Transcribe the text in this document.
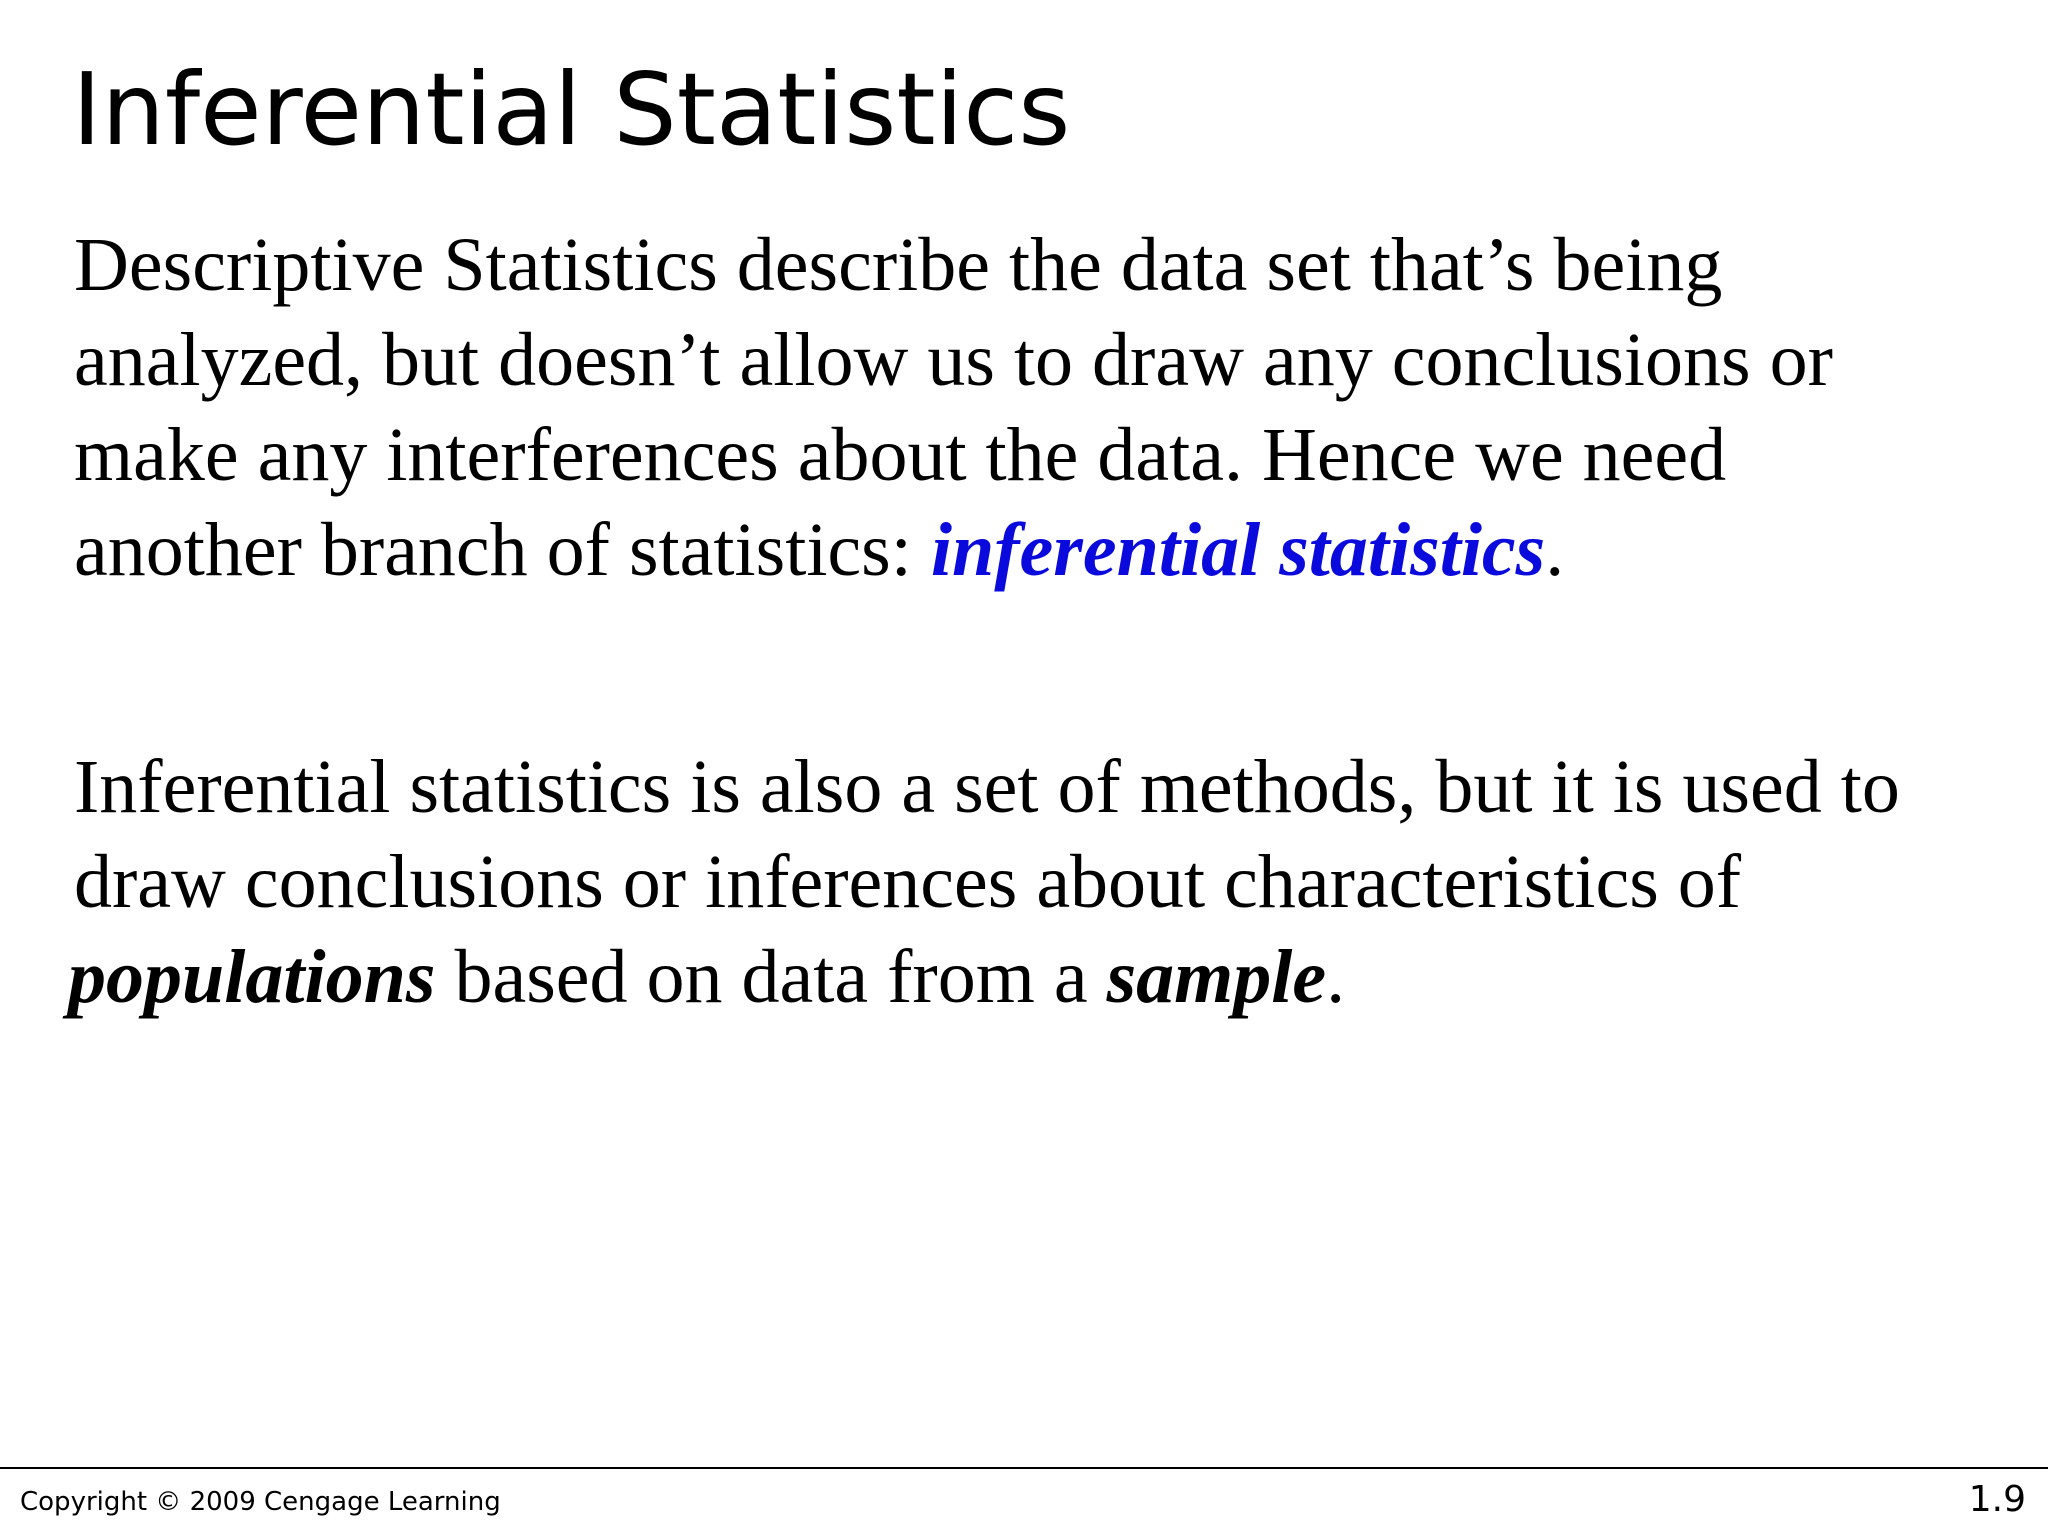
Inferential Statistics

Descriptive Statistics describe the data set that’s being
analyzed, but doesn’t allow us to draw any conclusions or
make any interferences about the data. Hence we need
another branch of statistics: inferential statistics.

Inferential statistics is also a set of methods, but it is used to
draw conclusions or inferences about characteristics of
populations based on data from a sample.

Copyright © 2009 Cengage Learning	1.9
